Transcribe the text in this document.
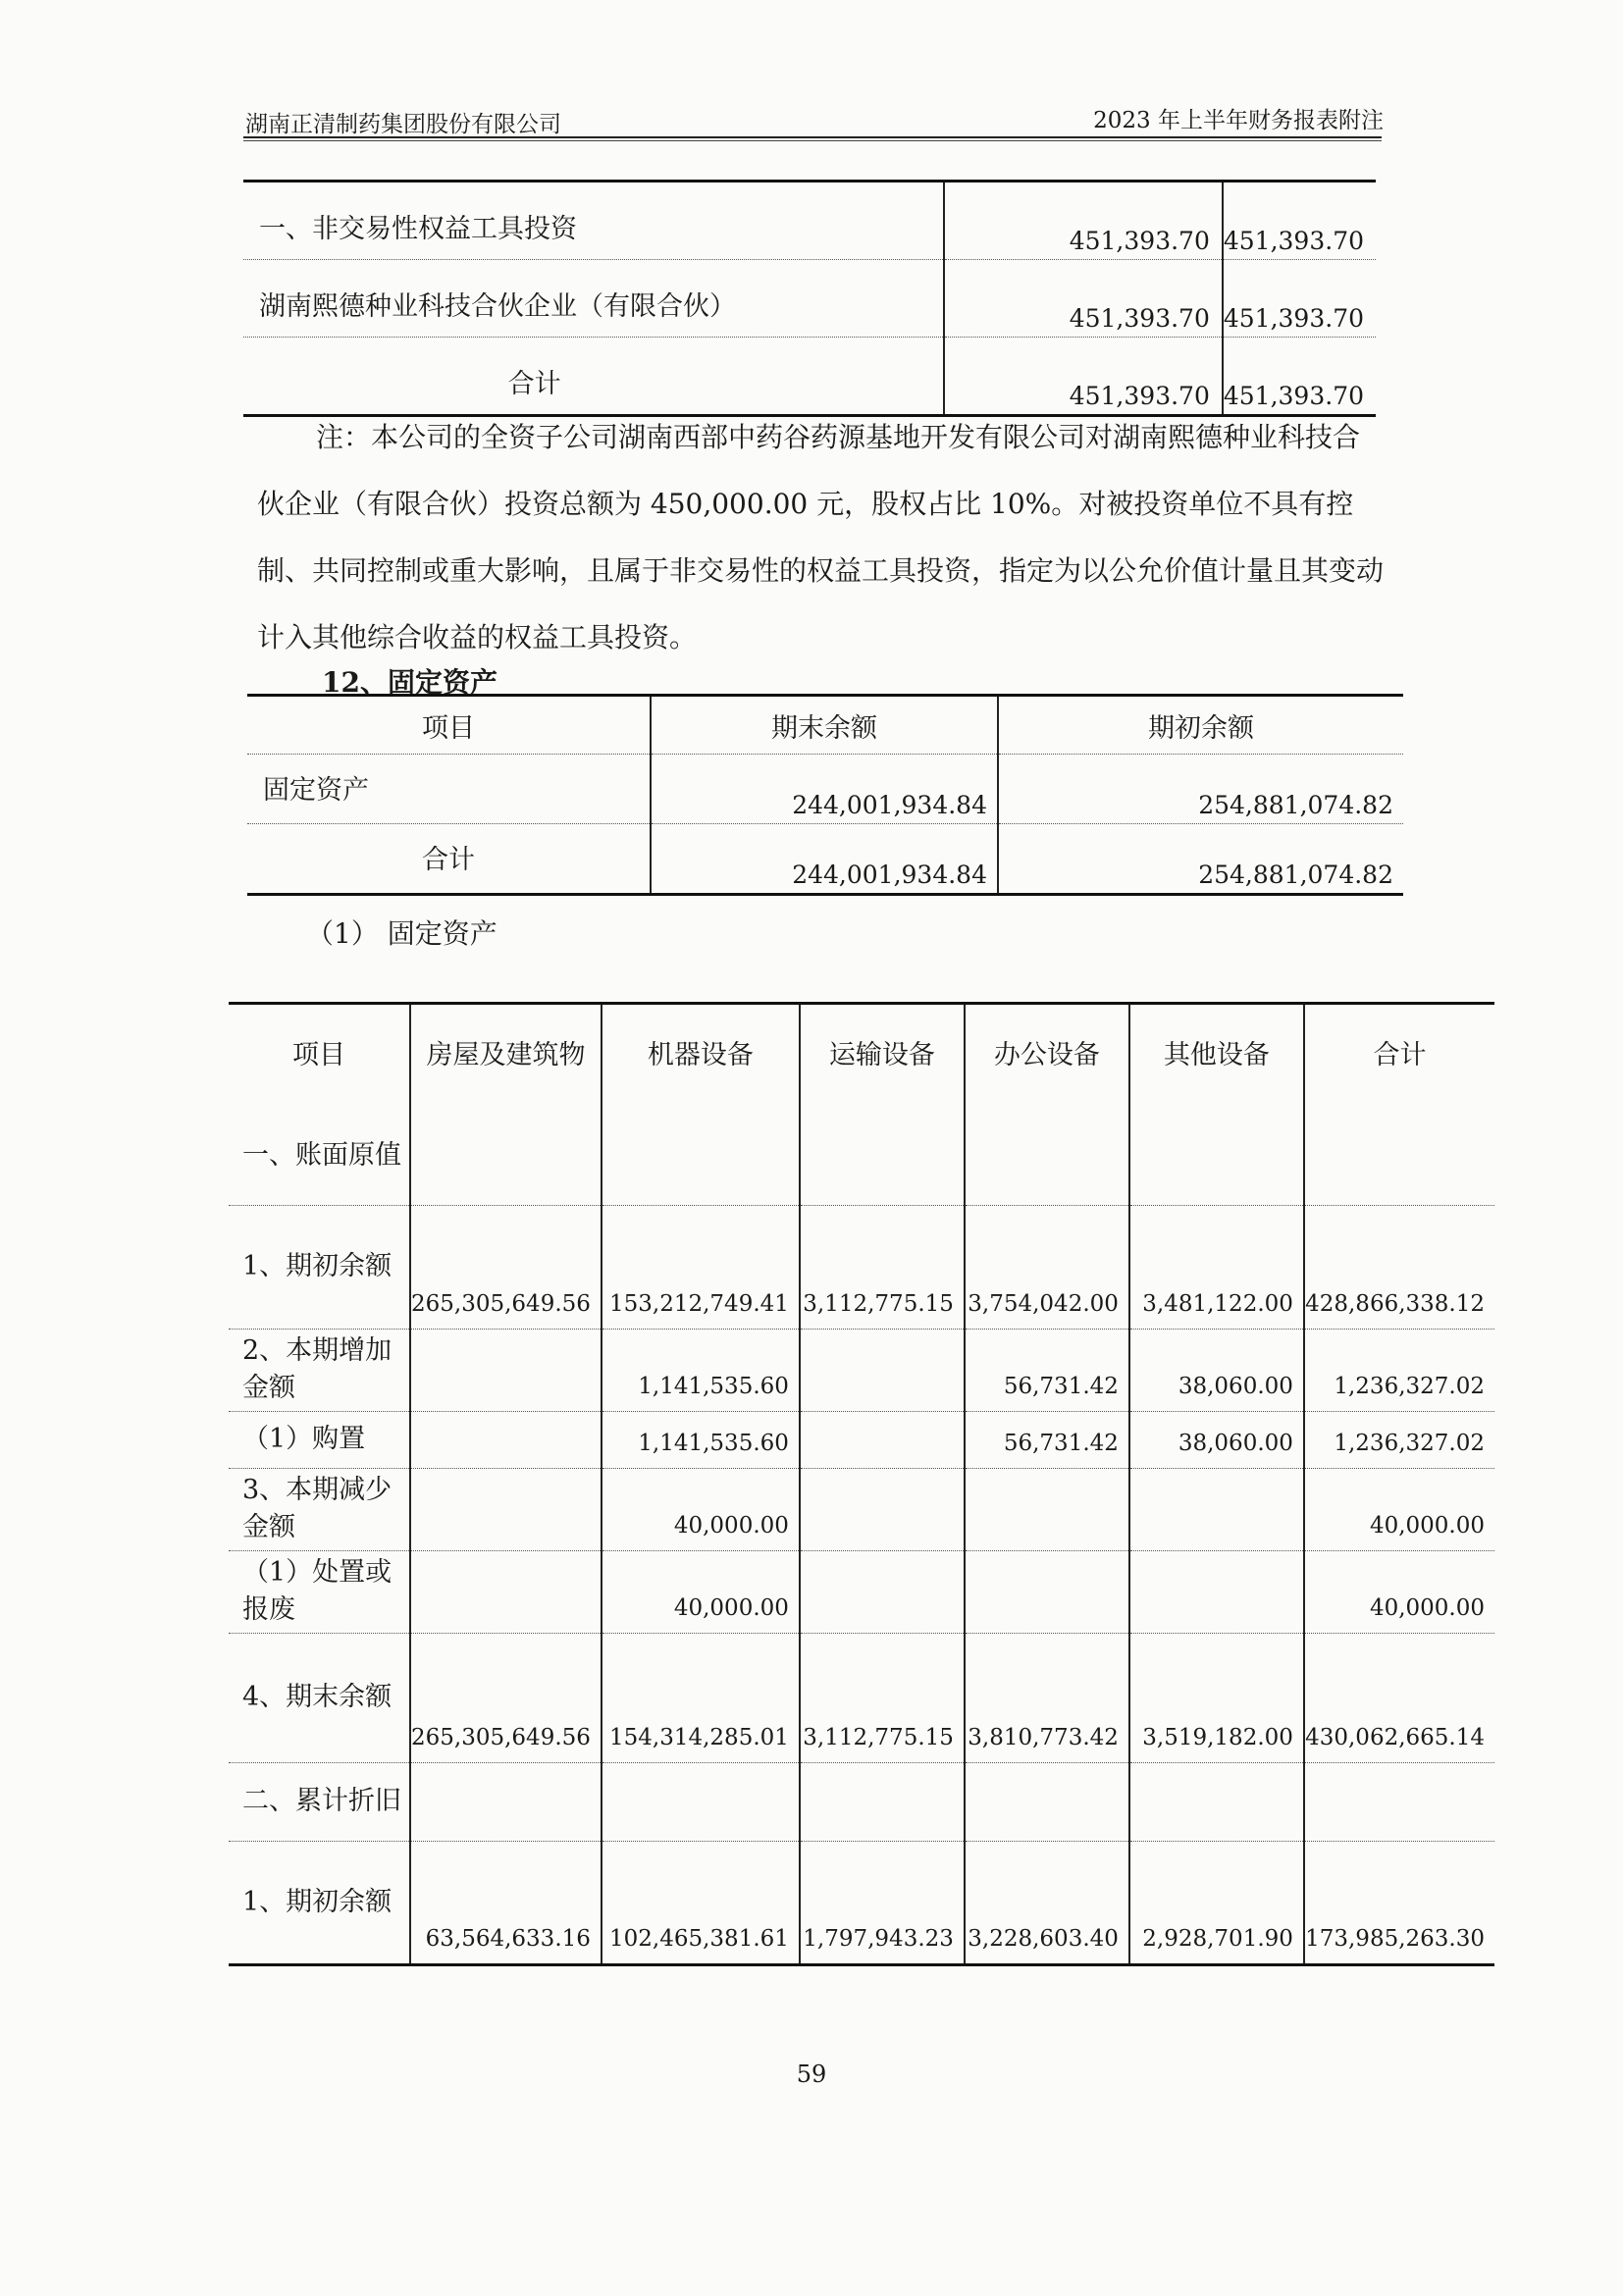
湖南正清制药集团股份有限公司	2023 年上半年财务报表附注
一、非交易性权益工具投资	451,393.70	451,393.70
湖南熙德种业科技合伙企业（有限合伙）	451,393.70	451,393.70
合计	451,393.70	451,393.70
注：本公司的全资子公司湖南西部中药谷药源基地开发有限公司对湖南熙德种业科技合伙企业（有限合伙）投资总额为 450,000.00 元，股权占比 10%。对被投资单位不具有控制、共同控制或重大影响，且属于非交易性的权益工具投资，指定为以公允价值计量且其变动计入其他综合收益的权益工具投资。
12、固定资产
项目	期末余额	期初余额
固定资产	244,001,934.84	254,881,074.82
合计	244,001,934.84	254,881,074.82
（1） 固定资产
项目	房屋及建筑物	机器设备	运输设备	办公设备	其他设备	合计
一、账面原值						
1、期初余额	265,305,649.56	153,212,749.41	3,112,775.15	3,754,042.00	3,481,122.00	428,866,338.12
2、本期增加金额		1,141,535.60		56,731.42	38,060.00	1,236,327.02
（1）购置		1,141,535.60		56,731.42	38,060.00	1,236,327.02
3、本期减少金额		40,000.00				40,000.00
（1）处置或报废		40,000.00				40,000.00
4、期末余额	265,305,649.56	154,314,285.01	3,112,775.15	3,810,773.42	3,519,182.00	430,062,665.14
二、累计折旧						
1、期初余额	63,564,633.16	102,465,381.61	1,797,943.23	3,228,603.40	2,928,701.90	173,985,263.30
59
